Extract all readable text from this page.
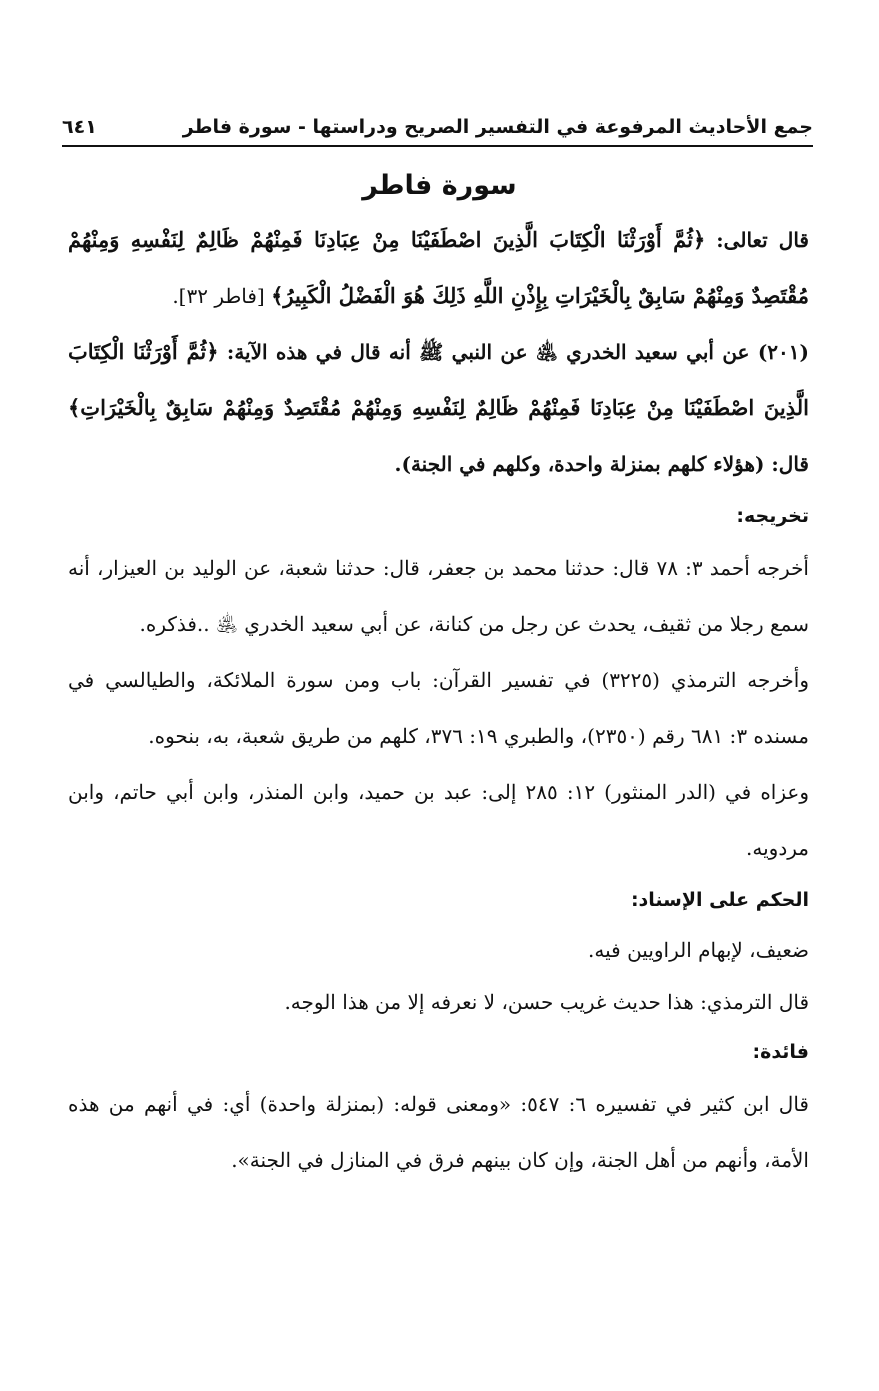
جمع الأحاديث المرفوعة في التفسير الصريح ودراستها - سورة فاطر
٦٤١
سورة فاطر

قال تعالى: ﴿ثُمَّ أَوْرَثْنَا الْكِتَابَ الَّذِينَ اصْطَفَيْنَا مِنْ عِبَادِنَا فَمِنْهُمْ ظَالِمٌ لِنَفْسِهِ وَمِنْهُمْ مُقْتَصِدٌ وَمِنْهُمْ سَابِقٌ بِالْخَيْرَاتِ بِإِذْنِ اللَّهِ ذَلِكَ هُوَ الْفَضْلُ الْكَبِيرُ﴾ [فاطر ٣٢].

(٢٠١) عن أبي سعيد الخدري ﵁ عن النبي ﷺ أنه قال في هذه الآية: ﴿ثُمَّ أَوْرَثْنَا الْكِتَابَ الَّذِينَ اصْطَفَيْنَا مِنْ عِبَادِنَا فَمِنْهُمْ ظَالِمٌ لِنَفْسِهِ وَمِنْهُمْ مُقْتَصِدٌ وَمِنْهُمْ سَابِقٌ بِالْخَيْرَاتِ﴾ قال: (هؤلاء كلهم بمنزلة واحدة، وكلهم في الجنة).

تخريجه:

أخرجه أحمد ٣: ٧٨ قال: حدثنا محمد بن جعفر، قال: حدثنا شعبة، عن الوليد بن العيزار، أنه سمع رجلا من ثقيف، يحدث عن رجل من كنانة، عن أبي سعيد الخدري ﵁ ..فذكره.

وأخرجه الترمذي (٣٢٢٥) في تفسير القرآن: باب ومن سورة الملائكة، والطيالسي في مسنده ٣: ٦٨١ رقم (٢٣٥٠)، والطبري ١٩: ٣٧٦، كلهم من طريق شعبة، به، بنحوه.

وعزاه في (الدر المنثور) ١٢: ٢٨٥ إلى: عبد بن حميد، وابن المنذر، وابن أبي حاتم، وابن مردويه.

الحكم على الإسناد:

ضعيف، لإبهام الراويين فيه.

قال الترمذي: هذا حديث غريب حسن، لا نعرفه إلا من هذا الوجه.

فائدة:

قال ابن كثير في تفسيره ٦: ٥٤٧: «ومعنى قوله: (بمنزلة واحدة) أي: في أنهم من هذه الأمة، وأنهم من أهل الجنة، وإن كان بينهم فرق في المنازل في الجنة».
